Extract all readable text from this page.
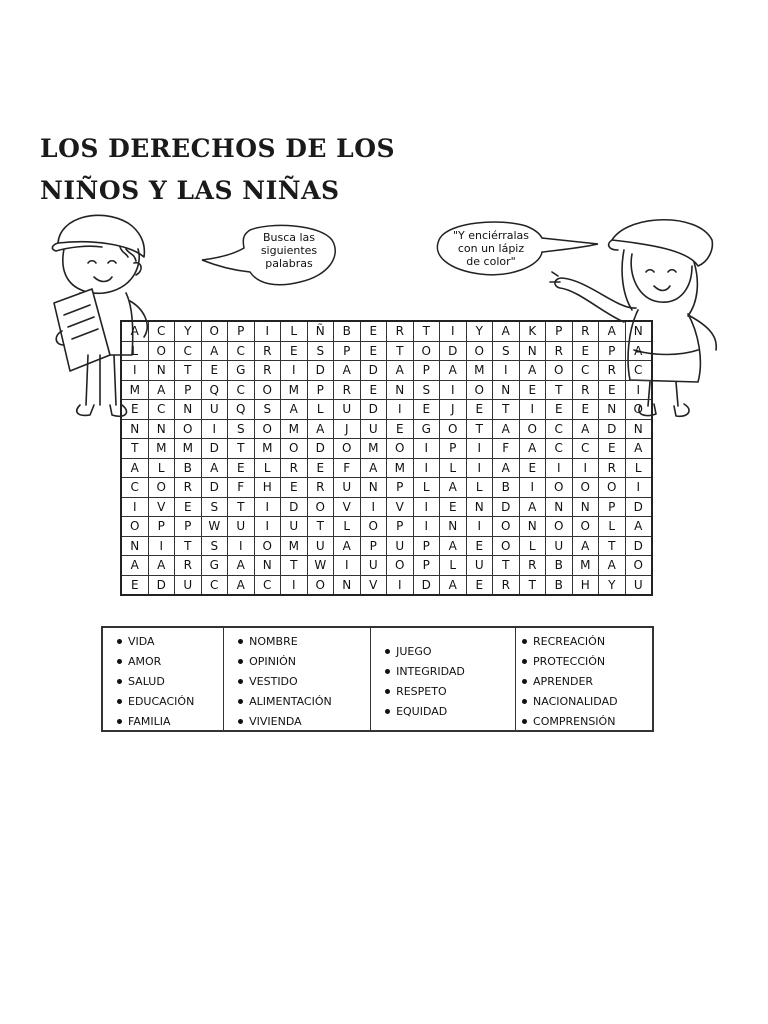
LOS DERECHOS DE LOS
NIÑOS Y LAS NIÑAS
Busca las
siguientes
palabras
"Y enciérralas
con un lápiz
de color"
A	C	Y	O	P	I	L	Ñ	B	E	R	T	I	Y	A	K	P	R	A	N
L	O	C	A	C	R	E	S	P	E	T	O	D	O	S	N	R	E	P	A
I	N	T	E	G	R	I	D	A	D	A	P	A	M	I	A	O	C	R	C
M	A	P	Q	C	O	M	P	R	E	N	S	I	O	N	E	T	R	E	I
E	C	N	U	Q	S	A	L	U	D	I	E	J	E	T	I	E	E	N	O
N	N	O	I	S	O	M	A	J	U	E	G	O	T	A	O	C	A	D	N
T	M	M	D	T	M	O	D	O	M	O	I	P	I	F	A	C	C	E	A
A	L	B	A	E	L	R	E	F	A	M	I	L	I	A	E	I	I	R	L
C	O	R	D	F	H	E	R	U	N	P	L	A	L	B	I	O	O	O	I
I	V	E	S	T	I	D	O	V	I	V	I	E	N	D	A	N	N	P	D
O	P	P	W	U	I	U	T	L	O	P	I	N	I	O	N	O	O	L	A
N	I	T	S	I	O	M	U	A	P	U	P	A	E	O	L	U	A	T	D
A	A	R	G	A	N	T	W	I	U	O	P	L	U	T	R	B	M	A	O
E	D	U	C	A	C	I	O	N	V	I	D	A	E	R	T	B	H	Y	U
VIDA
AMOR
SALUD
EDUCACIÓN
FAMILIA
NOMBRE
OPINIÓN
VESTIDO
ALIMENTACIÓN
VIVIENDA
JUEGO
INTEGRIDAD
RESPETO
EQUIDAD
RECREACIÓN
PROTECCIÓN
APRENDER
NACIONALIDAD
COMPRENSIÓN
